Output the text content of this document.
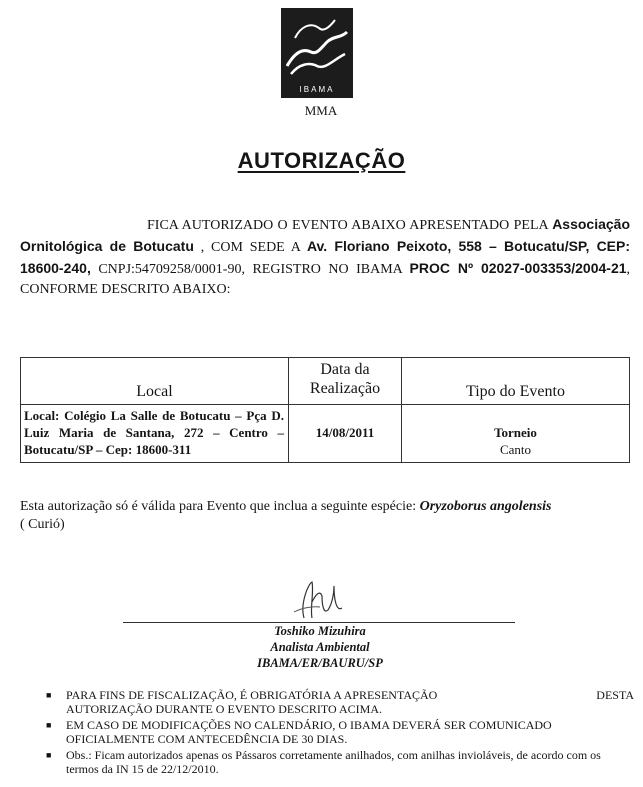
IBAMA
MMA
AUTORIZAÇÃO
FICA AUTORIZADO O EVENTO ABAIXO APRESENTADO PELA Associação Ornitológica de Botucatu , COM SEDE A Av. Floriano Peixoto, 558 – Botucatu/SP, CEP: 18600-240, CNPJ:54709258/0001-90, REGISTRO NO IBAMA PROC Nº 02027-003353/2004-21, CONFORME DESCRITO ABAIXO:
Local	Data da Realização	Tipo do Evento
Local: Colégio La Salle de Botucatu – Pça D. Luiz Maria de Santana, 272 – Centro – Botucatu/SP – Cep: 18600-311	14/08/2011	Torneio
Canto
Esta autorização só é válida para Evento que inclua a seguinte espécie: Oryzoborus angolensis
( Curió)
Toshiko Mizuhira
Analista Ambiental
IBAMA/ER/BAURU/SP
■ PARA FINS DE FISCALIZAÇÃO, É OBRIGATÓRIA A APRESENTAÇÃO	DESTA
AUTORIZAÇÃO DURANTE O EVENTO DESCRITO ACIMA.
■ EM CASO DE MODIFICAÇÕES NO CALENDÁRIO, O IBAMA DEVERÁ SER COMUNICADO OFICIALMENTE COM ANTECEDÊNCIA DE 30 DIAS.
■ Obs.: Ficam autorizados apenas os Pássaros corretamente anilhados, com anilhas invioláveis, de acordo com os termos da IN 15 de 22/12/2010.
